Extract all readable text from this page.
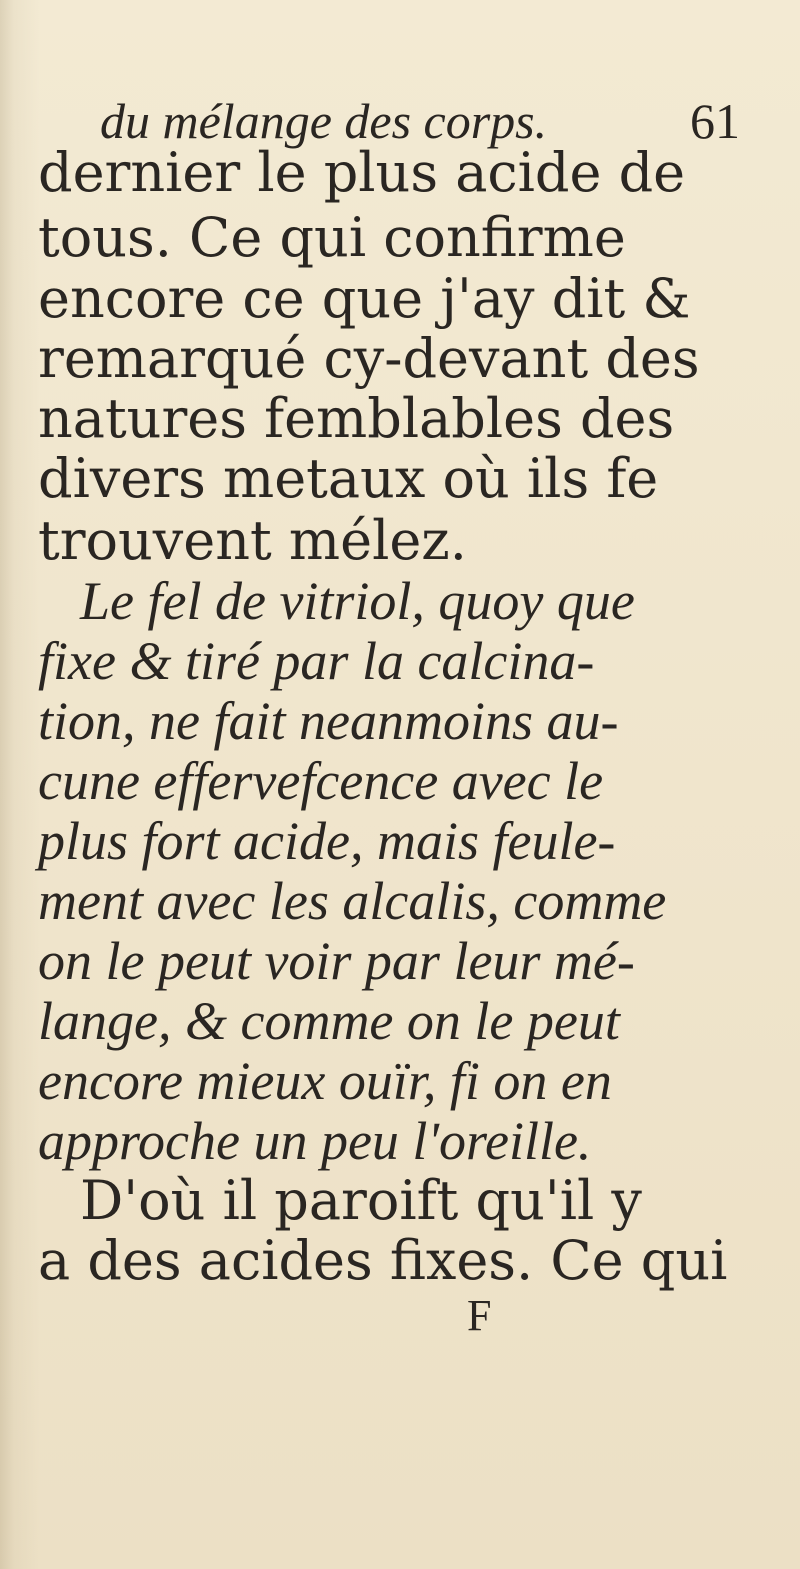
du mélange des corps.	61
dernier le plus acide de
tous. Ce qui confirme
encore ce que j'ay dit &
remarqué cy-devant des
natures femblables des
divers metaux où ils fe
trouvent mélez.
Le fel de vitriol, quoy que
fixe & tiré par la calcina-
tion, ne fait neanmoins au-
cune effervefcence avec le
plus fort acide, mais feule-
ment avec les alcalis, comme
on le peut voir par leur mé-
lange, & comme on le peut
encore mieux ouïr, fi on en
approche un peu l'oreille.
D'où il paroift qu'il y
a des acides fixes. Ce qui
F
